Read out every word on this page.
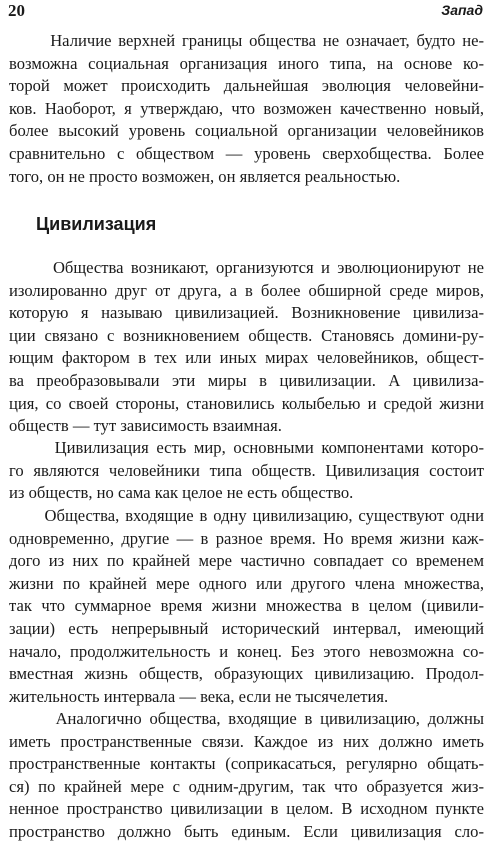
20	Запад

Наличие верхней границы общества не означает, будто не-
возможна социальная организация иного типа, на основе ко-
торой может происходить дальнейшая эволюция человейни-
ков. Наоборот, я утверждаю, что возможен качественно новый,
более высокий уровень социальной организации человейников
сравнительно с обществом — уровень сверхобщества. Более
того, он не просто возможен, он является реальностью.

Цивилизация

Общества возникают, организуются и эволюционируют не
изолированно друг от друга, а в более обширной среде миров,
которую я называю цивилизацией. Возникновение цивилиза-
ции связано с возникновением обществ. Становясь домини-ру-
ющим фактором в тех или иных мирах человейников, общест-
ва преобразовывали эти миры в цивилизации. А цивилиза-
ция, со своей стороны, становились колыбелью и средой жизни
обществ — тут зависимость взаимная.

Цивилизация есть мир, основными компонентами которо-
го являются человейники типа обществ. Цивилизация состоит
из обществ, но сама как целое не есть общество.

Общества, входящие в одну цивилизацию, существуют одни
одновременно, другие — в разное время. Но время жизни каж-
дого из них по крайней мере частично совпадает со временем
жизни по крайней мере одного или другого члена множества,
так что суммарное время жизни множества в целом (цивили-
зации) есть непрерывный исторический интервал, имеющий
начало, продолжительность и конец. Без этого невозможна со-
вместная жизнь обществ, образующих цивилизацию. Продол-
жительность интервала — века, если не тысячелетия.

Аналогично общества, входящие в цивилизацию, должны
иметь пространственные связи. Каждое из них должно иметь
пространственные контакты (соприкасаться, регулярно общать-
ся) по крайней мере с одним-другим, так что образуется жиз-
ненное пространство цивилизации в целом. В исходном пункте
пространство должно быть единым. Если цивилизация сло-
